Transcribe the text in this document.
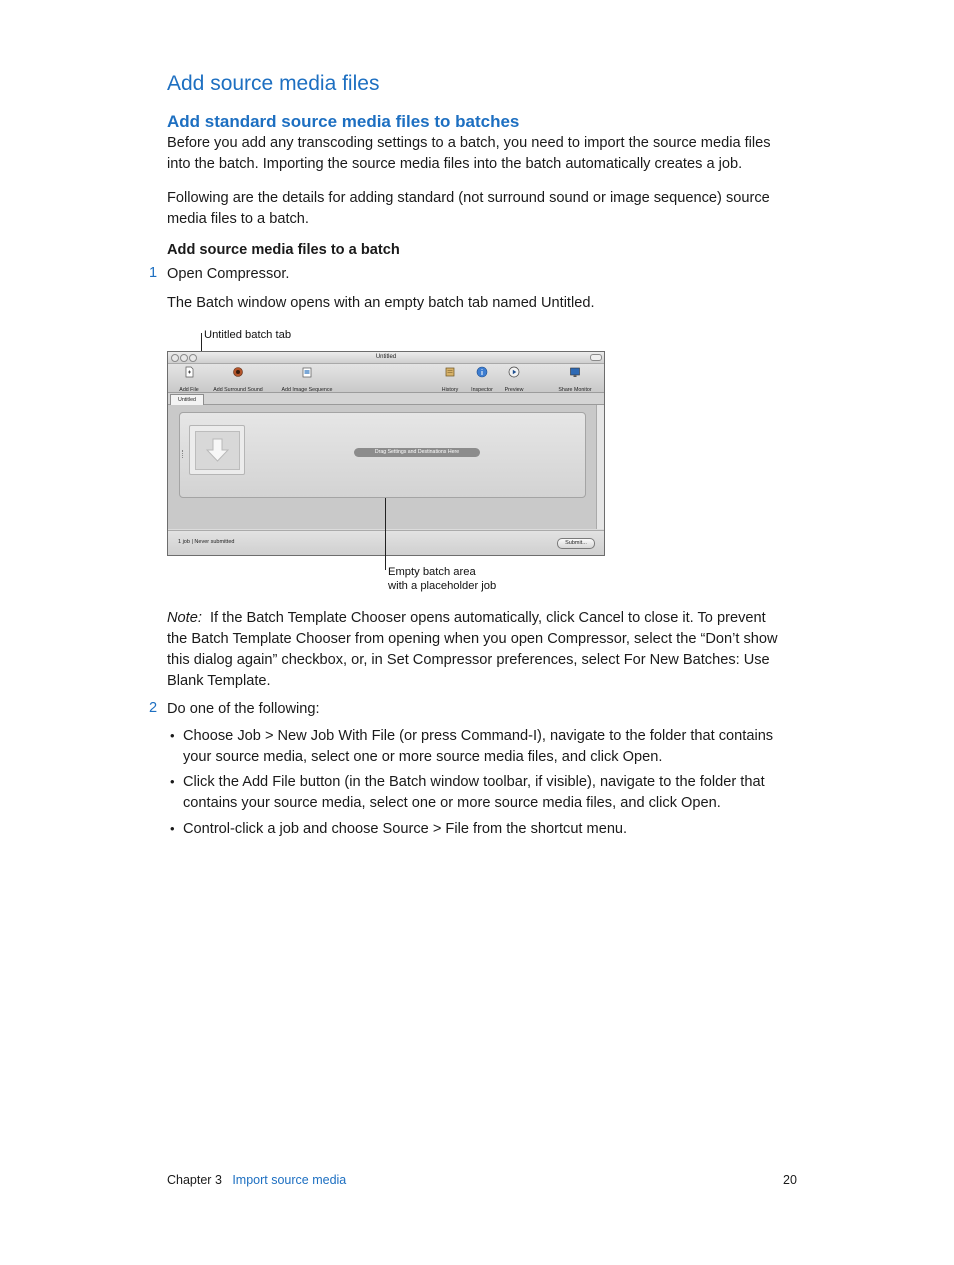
Add source media files
Add standard source media files to batches
Before you add any transcoding settings to a batch, you need to import the source media files into the batch. Importing the source media files into the batch automatically creates a job.
Following are the details for adding standard (not surround sound or image sequence) source media files to a batch.
Add source media files to a batch
1 Open Compressor.
The Batch window opens with an empty batch tab named Untitled.
Untitled batch tab
Untitled
Add File	Add Surround Sound	Add Image Sequence	History	Inspector	Preview	Share Monitor
Untitled
Drag Settings and Destinations Here
1 job | Never submitted	Submit...
Empty batch area
with a placeholder job
Note: If the Batch Template Chooser opens automatically, click Cancel to close it. To prevent the Batch Template Chooser from opening when you open Compressor, select the “Don’t show this dialog again” checkbox, or, in Set Compressor preferences, select For New Batches: Use Blank Template.
2 Do one of the following:
• Choose Job > New Job With File (or press Command-I), navigate to the folder that contains your source media, select one or more source media files, and click Open.
• Click the Add File button (in the Batch window toolbar, if visible), navigate to the folder that contains your source media, select one or more source media files, and click Open.
• Control-click a job and choose Source > File from the shortcut menu.
Chapter 3 Import source media	20
